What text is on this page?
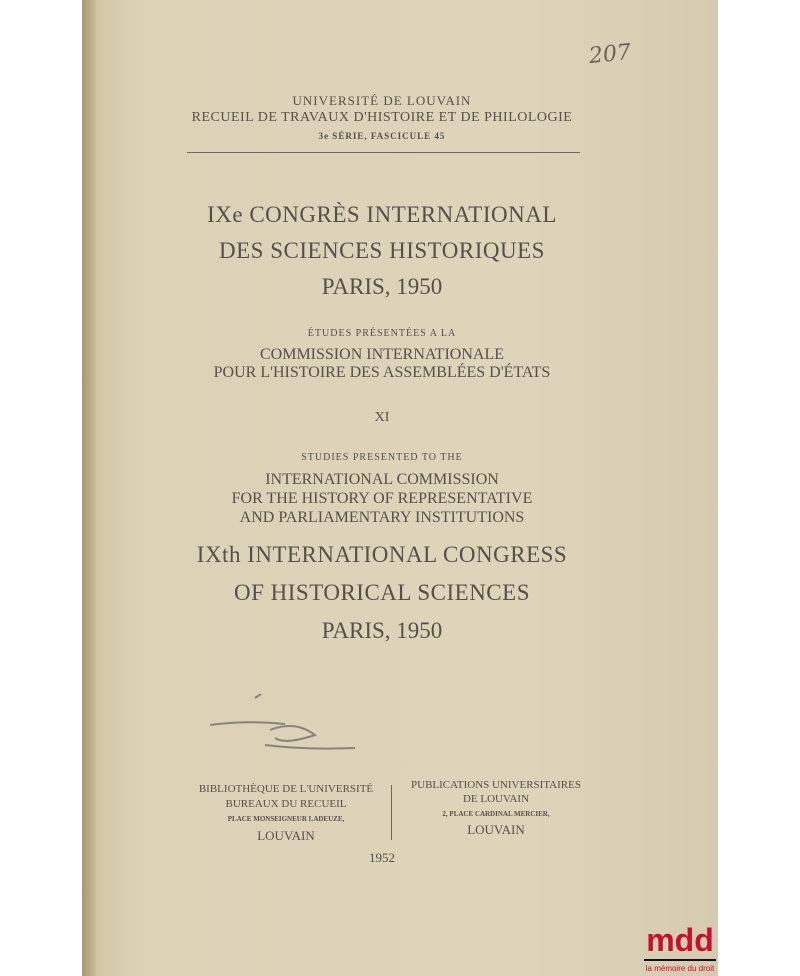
207
UNIVERSITÉ DE LOUVAIN
RECUEIL DE TRAVAUX D'HISTOIRE ET DE PHILOLOGIE
3e SÉRIE, FASCICULE 45
IXe CONGRÈS INTERNATIONAL
DES SCIENCES HISTORIQUES
PARIS, 1950
ÉTUDES PRÉSENTÉES A LA
COMMISSION INTERNATIONALE
POUR L'HISTOIRE DES ASSEMBLÉES D'ÉTATS
XI
STUDIES PRESENTED TO THE
INTERNATIONAL COMMISSION
FOR THE HISTORY OF REPRESENTATIVE
AND PARLIAMENTARY INSTITUTIONS
IXth INTERNATIONAL CONGRESS
OF HISTORICAL SCIENCES
PARIS, 1950
BIBLIOTHÈQUE DE L'UNIVERSITÉ
BUREAUX DU RECUEIL
PLACE MONSEIGNEUR LADEUZE,
LOUVAIN
PUBLICATIONS UNIVERSITAIRES
DE LOUVAIN
2, PLACE CARDINAL MERCIER,
LOUVAIN
1952
mdd
la mémoire du droit
